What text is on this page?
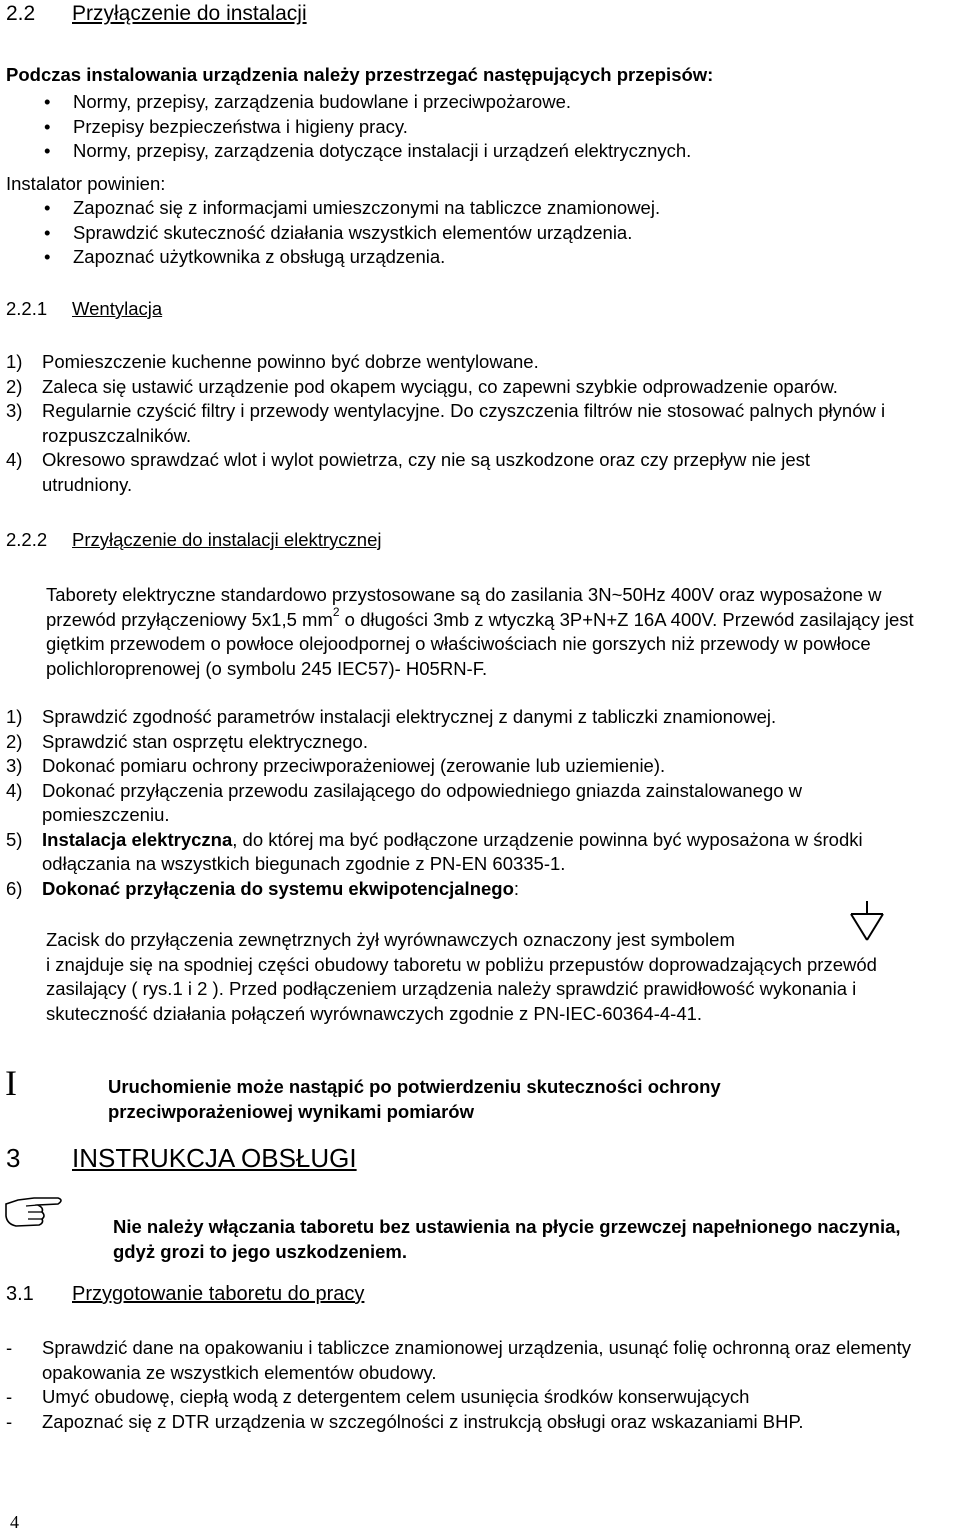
2.2 Przyłączenie do instalacji
Podczas instalowania urządzenia należy przestrzegać następujących przepisów:
• Normy, przepisy, zarządzenia budowlane i przeciwpożarowe.
• Przepisy bezpieczeństwa i higieny pracy.
• Normy, przepisy, zarządzenia dotyczące instalacji i urządzeń elektrycznych.
Instalator powinien:
• Zapoznać się z informacjami umieszczonymi na tabliczce znamionowej.
• Sprawdzić skuteczność działania wszystkich elementów urządzenia.
• Zapoznać użytkownika z obsługą urządzenia.
2.2.1 Wentylacja
1) Pomieszczenie kuchenne powinno być dobrze wentylowane.
2) Zaleca się ustawić urządzenie pod okapem wyciągu, co zapewni szybkie odprowadzenie oparów.
3) Regularnie czyścić filtry i przewody wentylacyjne. Do czyszczenia filtrów nie stosować palnych płynów i rozpuszczalników.
4) Okresowo sprawdzać wlot i wylot powietrza, czy nie są uszkodzone oraz czy przepływ nie jest utrudniony.
2.2.2 Przyłączenie do instalacji elektrycznej
Taborety elektryczne standardowo przystosowane są do zasilania 3N~50Hz 400V oraz wyposażone w przewód przyłączeniowy 5x1,5 $mm^2$ o długości 3mb z wtyczką 3P+N+Z 16A 400V. Przewód zasilający jest giętkim przewodem o powłoce olejoodpornej o właściwościach nie gorszych niż przewody w powłoce polichloroprenowej (o symbolu 245 IEC57)- H05RN-F.
1) Sprawdzić zgodność parametrów instalacji elektrycznej z danymi z tabliczki znamionowej.
2) Sprawdzić stan osprzętu elektrycznego.
3) Dokonać pomiaru ochrony przeciwporażeniowej (zerowanie lub uziemienie).
4) Dokonać przyłączenia przewodu zasilającego do odpowiedniego gniazda zainstalowanego w pomieszczeniu.
5) Instalacja elektryczna, do której ma być podłączone urządzenie powinna być wyposażona w środki odłączania na wszystkich biegunach zgodnie z PN-EN 60335-1.
6) Dokonać przyłączenia do systemu ekwipotencjalnego:
Zacisk do przyłączenia zewnętrznych żył wyrównawczych oznaczony jest symbolem
i znajduje się na spodniej części obudowy taboretu w pobliżu przepustów doprowadzających przewód zasilający ( rys.1 i 2 ). Przed podłączeniem urządzenia należy sprawdzić prawidłowość wykonania i skuteczność działania połączeń wyrównawczych zgodnie z PN-IEC-60364-4-41.
I	Uruchomienie może nastąpić po potwierdzeniu skuteczności ochrony przeciwporażeniowej wynikami pomiarów
3 INSTRUKCJA OBSŁUGI
Nie należy włączania taboretu bez ustawienia na płycie grzewczej napełnionego naczynia, gdyż grozi to jego uszkodzeniem.
3.1 Przygotowanie taboretu do pracy
- Sprawdzić dane na opakowaniu i tabliczce znamionowej urządzenia, usunąć folię ochronną oraz elementy opakowania ze wszystkich elementów obudowy.
- Umyć obudowę, ciepłą wodą z detergentem celem usunięcia środków konserwujących
- Zapoznać się z DTR urządzenia w szczególności z instrukcją obsługi oraz wskazaniami BHP.
4
